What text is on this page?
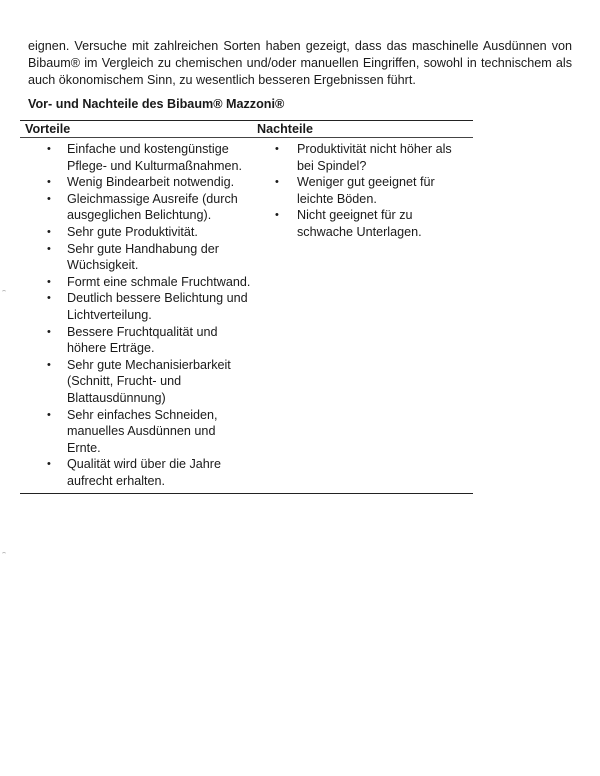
eignen. Versuche mit zahlreichen Sorten haben gezeigt, dass das maschinelle Ausdünnen von Bibaum® im Vergleich zu chemischen und/oder manuellen Eingriffen, sowohl in technischem als auch ökonomischem Sinn, zu wesentlich besseren Ergebnissen führt.

Vor- und Nachteile des Bibaum® Mazzoni®

Vorteile	Nachteile
• Einfache und kostengünstige Pflege- und Kulturmaßnahmen.
• Wenig Bindearbeit notwendig.
• Gleichmassige Ausreife (durch ausgeglichen Belichtung).
• Sehr gute Produktivität.
• Sehr gute Handhabung der Wüchsigkeit.
• Formt eine schmale Fruchtwand.
• Deutlich bessere Belichtung und Lichtverteilung.
• Bessere Fruchtqualität und höhere Erträge.
• Sehr gute Mechanisierbarkeit (Schnitt, Frucht- und Blattausdünnung)
• Sehr einfaches Schneiden, manuelles Ausdünnen und Ernte.
• Qualität wird über die Jahre aufrecht erhalten.
• Produktivität nicht höher als bei Spindel?
• Weniger gut geeignet für leichte Böden.
• Nicht geeignet für zu schwache Unterlagen.
